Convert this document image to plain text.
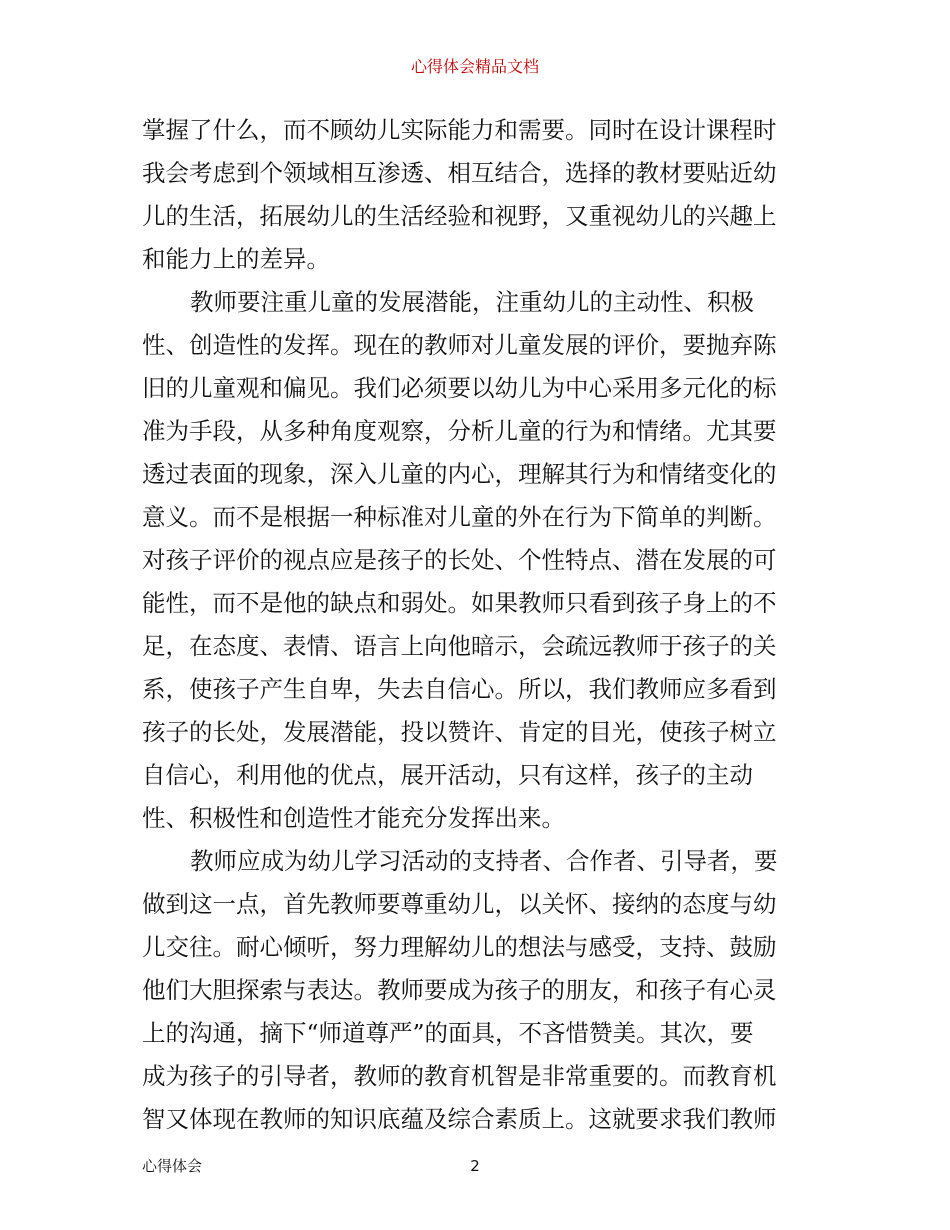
心得体会精品文档
掌握了什么，而不顾幼儿实际能力和需要。同时在设计课程时
我会考虑到个领域相互渗透、相互结合，选择的教材要贴近幼
儿的生活，拓展幼儿的生活经验和视野，又重视幼儿的兴趣上
和能力上的差异。
教师要注重儿童的发展潜能，注重幼儿的主动性、积极
性、创造性的发挥。现在的教师对儿童发展的评价，要抛弃陈
旧的儿童观和偏见。我们必须要以幼儿为中心采用多元化的标
准为手段，从多种角度观察，分析儿童的行为和情绪。尤其要
透过表面的现象，深入儿童的内心，理解其行为和情绪变化的
意义。而不是根据一种标准对儿童的外在行为下简单的判断。
对孩子评价的视点应是孩子的长处、个性特点、潜在发展的可
能性，而不是他的缺点和弱处。如果教师只看到孩子身上的不
足，在态度、表情、语言上向他暗示，会疏远教师于孩子的关
系，使孩子产生自卑，失去自信心。所以，我们教师应多看到
孩子的长处，发展潜能，投以赞许、肯定的目光，使孩子树立
自信心，利用他的优点，展开活动，只有这样，孩子的主动
性、积极性和创造性才能充分发挥出来。
教师应成为幼儿学习活动的支持者、合作者、引导者，要
做到这一点，首先教师要尊重幼儿，以关怀、接纳的态度与幼
儿交往。耐心倾听，努力理解幼儿的想法与感受，支持、鼓励
他们大胆探索与表达。教师要成为孩子的朋友，和孩子有心灵
上的沟通，摘下“师道尊严”的面具，不吝惜赞美。其次，要
成为孩子的引导者，教师的教育机智是非常重要的。而教育机
智又体现在教师的知识底蕴及综合素质上。这就要求我们教师
心得体会	2
